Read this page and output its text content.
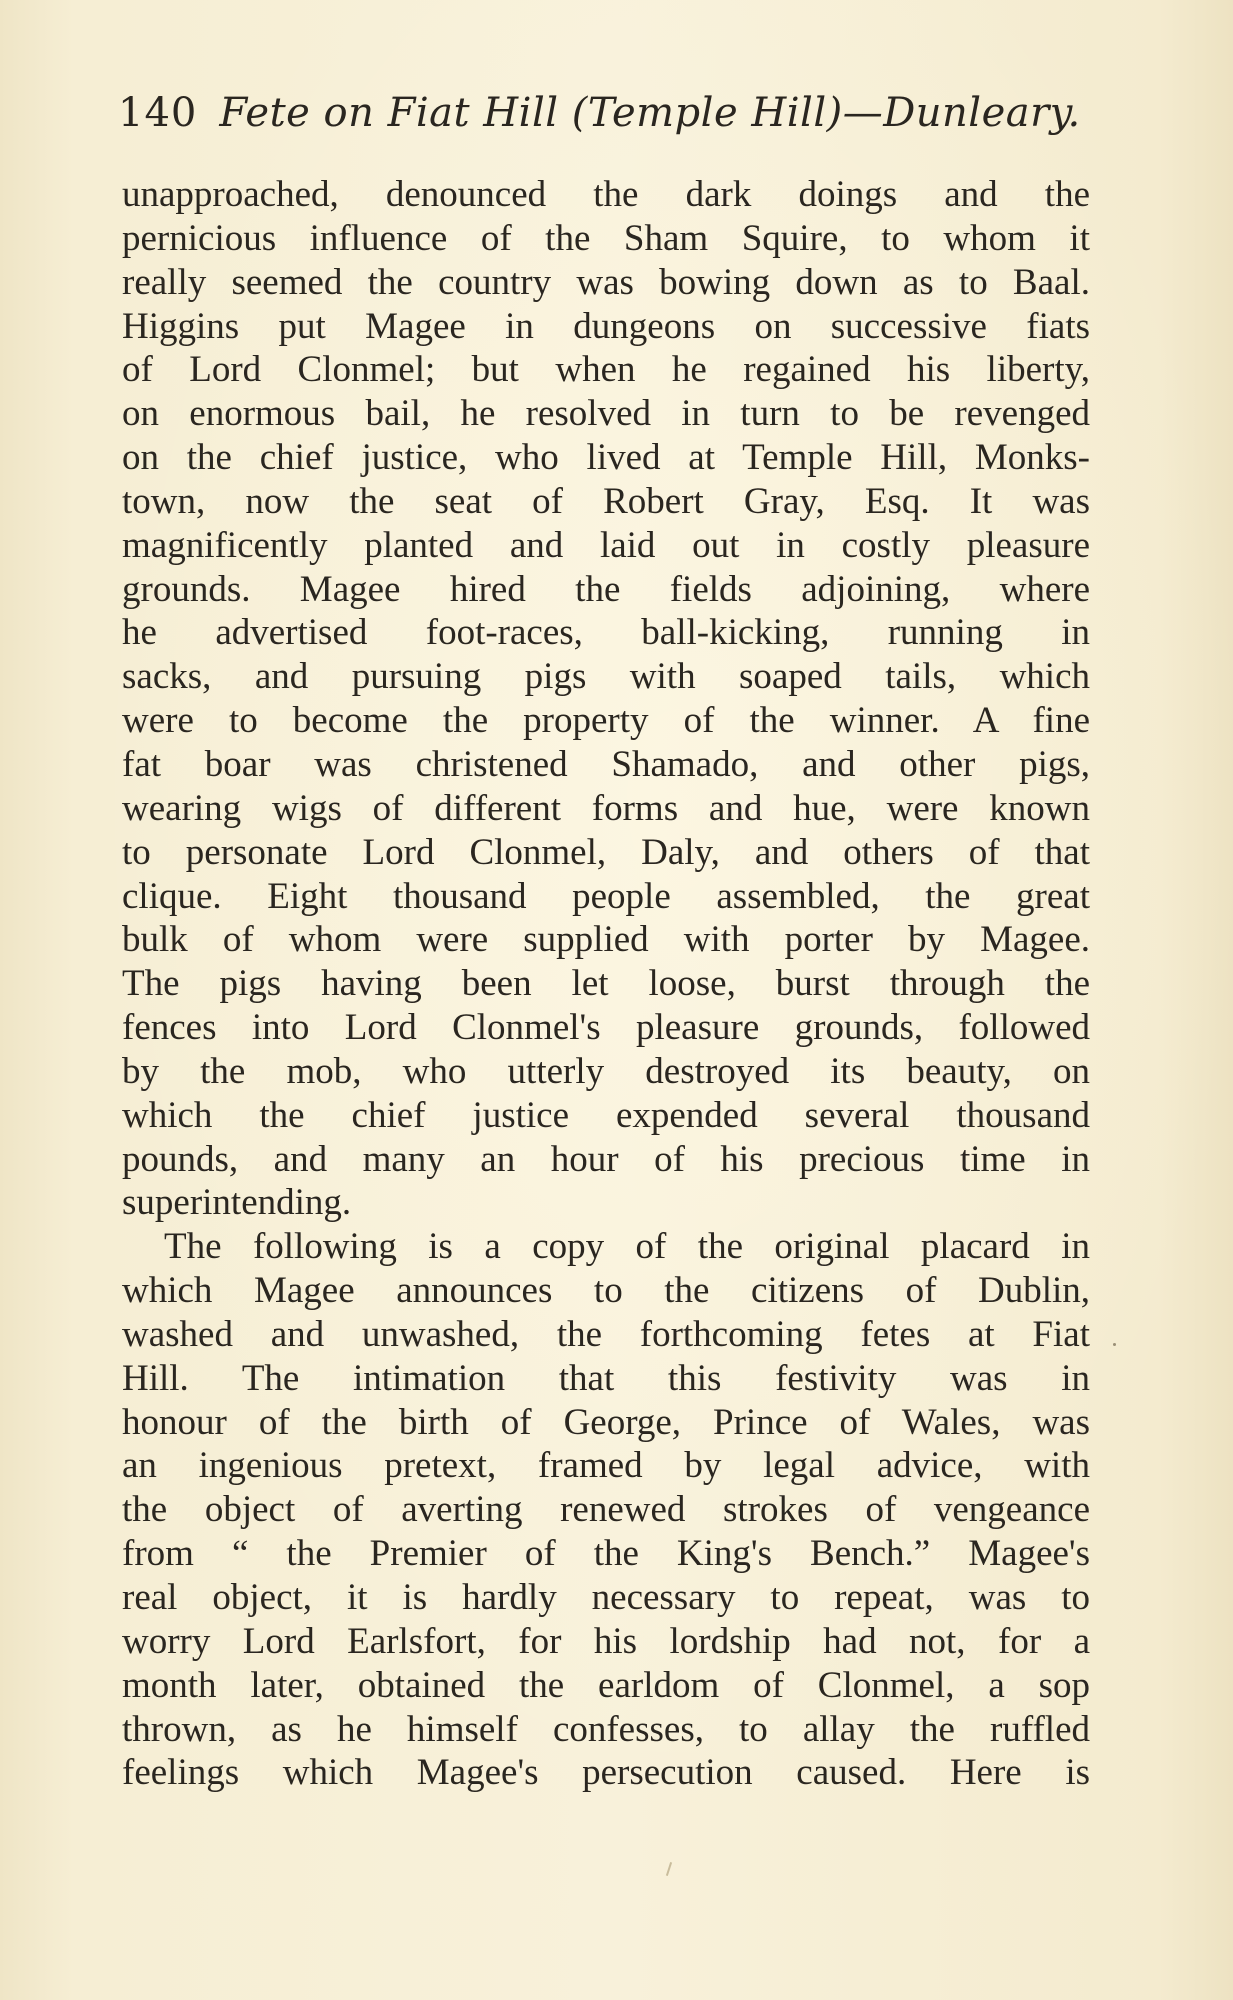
140 Fete on Fiat Hill (Temple Hill)—Dunleary.
unapproached, denounced the dark doings and the
pernicious influence of the Sham Squire, to whom it
really seemed the country was bowing down as to Baal.
Higgins put Magee in dungeons on successive fiats
of Lord Clonmel; but when he regained his liberty,
on enormous bail, he resolved in turn to be revenged
on the chief justice, who lived at Temple Hill, Monks-
town, now the seat of Robert Gray, Esq. It was
magnificently planted and laid out in costly pleasure
grounds. Magee hired the fields adjoining, where
he advertised foot-races, ball-kicking, running in
sacks, and pursuing pigs with soaped tails, which
were to become the property of the winner. A fine
fat boar was christened Shamado, and other pigs,
wearing wigs of different forms and hue, were known
to personate Lord Clonmel, Daly, and others of that
clique. Eight thousand people assembled, the great
bulk of whom were supplied with porter by Magee.
The pigs having been let loose, burst through the
fences into Lord Clonmel's pleasure grounds, followed
by the mob, who utterly destroyed its beauty, on
which the chief justice expended several thousand
pounds, and many an hour of his precious time in
superintending.
The following is a copy of the original placard in
which Magee announces to the citizens of Dublin,
washed and unwashed, the forthcoming fetes at Fiat
Hill. The intimation that this festivity was in
honour of the birth of George, Prince of Wales, was
an ingenious pretext, framed by legal advice, with
the object of averting renewed strokes of vengeance
from “ the Premier of the King's Bench.” Magee's
real object, it is hardly necessary to repeat, was to
worry Lord Earlsfort, for his lordship had not, for a
month later, obtained the earldom of Clonmel, a sop
thrown, as he himself confesses, to allay the ruffled
feelings which Magee's persecution caused. Here is
